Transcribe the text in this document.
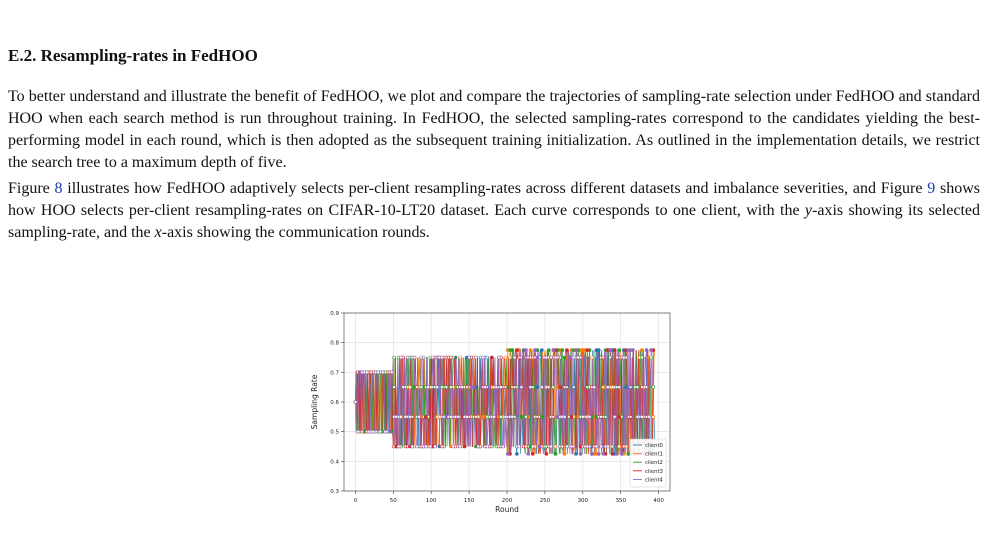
E.2. Resampling-rates in FedHOO

To better understand and illustrate the benefit of FedHOO, we plot and compare the trajectories of sampling-rate selection under FedHOO and standard HOO when each search method is run throughout training. In FedHOO, the selected sampling-rates correspond to the candidates yielding the best-performing model in each round, which is then adopted as the subsequent training initialization. As outlined in the implementation details, we restrict the search tree to a maximum depth of five.

Figure 8 illustrates how FedHOO adaptively selects per-client resampling-rates across different datasets and imbalance severities, and Figure 9 shows how HOO selects per-client resampling-rates on CIFAR-10-LT20 dataset. Each curve corresponds to one client, with the y-axis showing its selected sampling-rate, and the x-axis showing the communication rounds.

0	50	100	150	200	250	300	350	400
0.3
0.4
0.5
0.6
0.7
0.8
0.9
Round
Sampling Rate
client0
client1
client2
client3
client4
